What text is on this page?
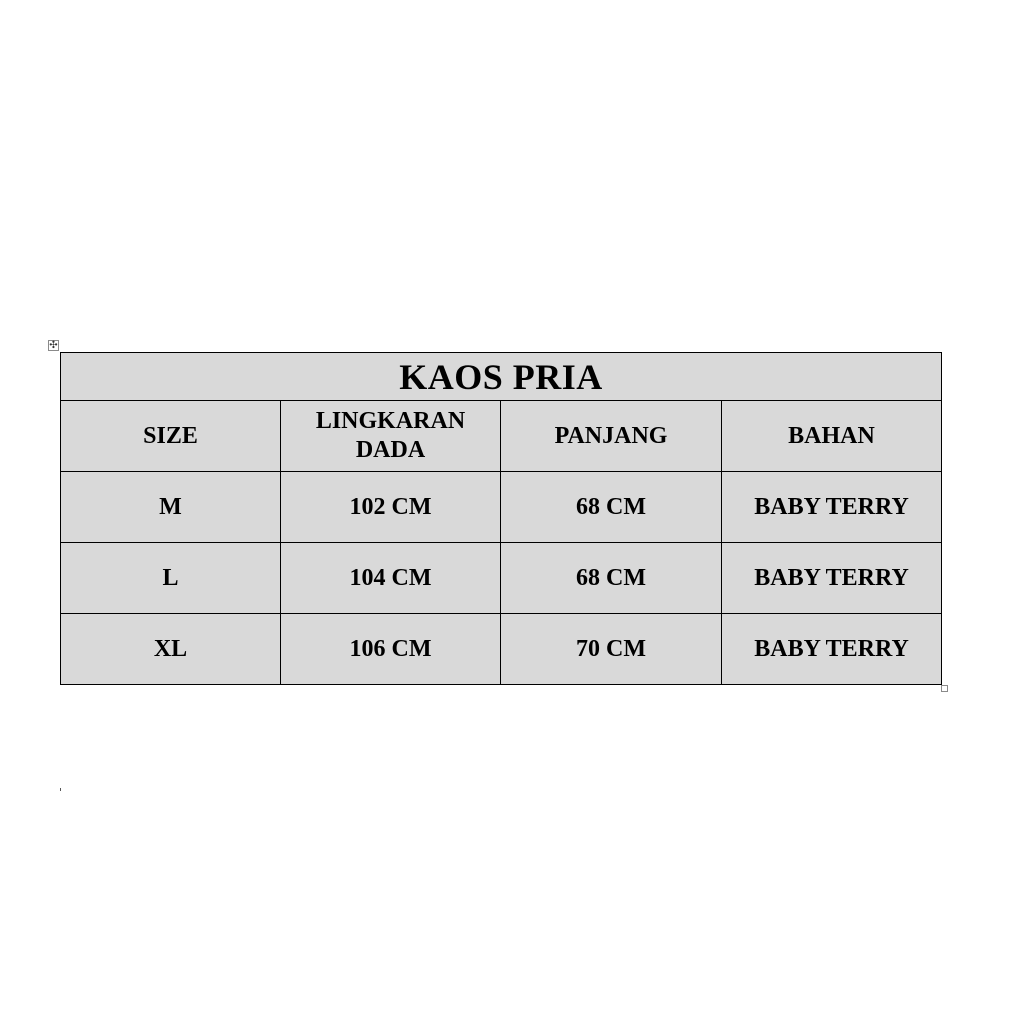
✣
KAOS PRIA			
SIZE	LINGKARAN DADA	PANJANG	BAHAN
M	102 CM	68 CM	BABY TERRY
L	104 CM	68 CM	BABY TERRY
XL	106 CM	70 CM	BABY TERRY
